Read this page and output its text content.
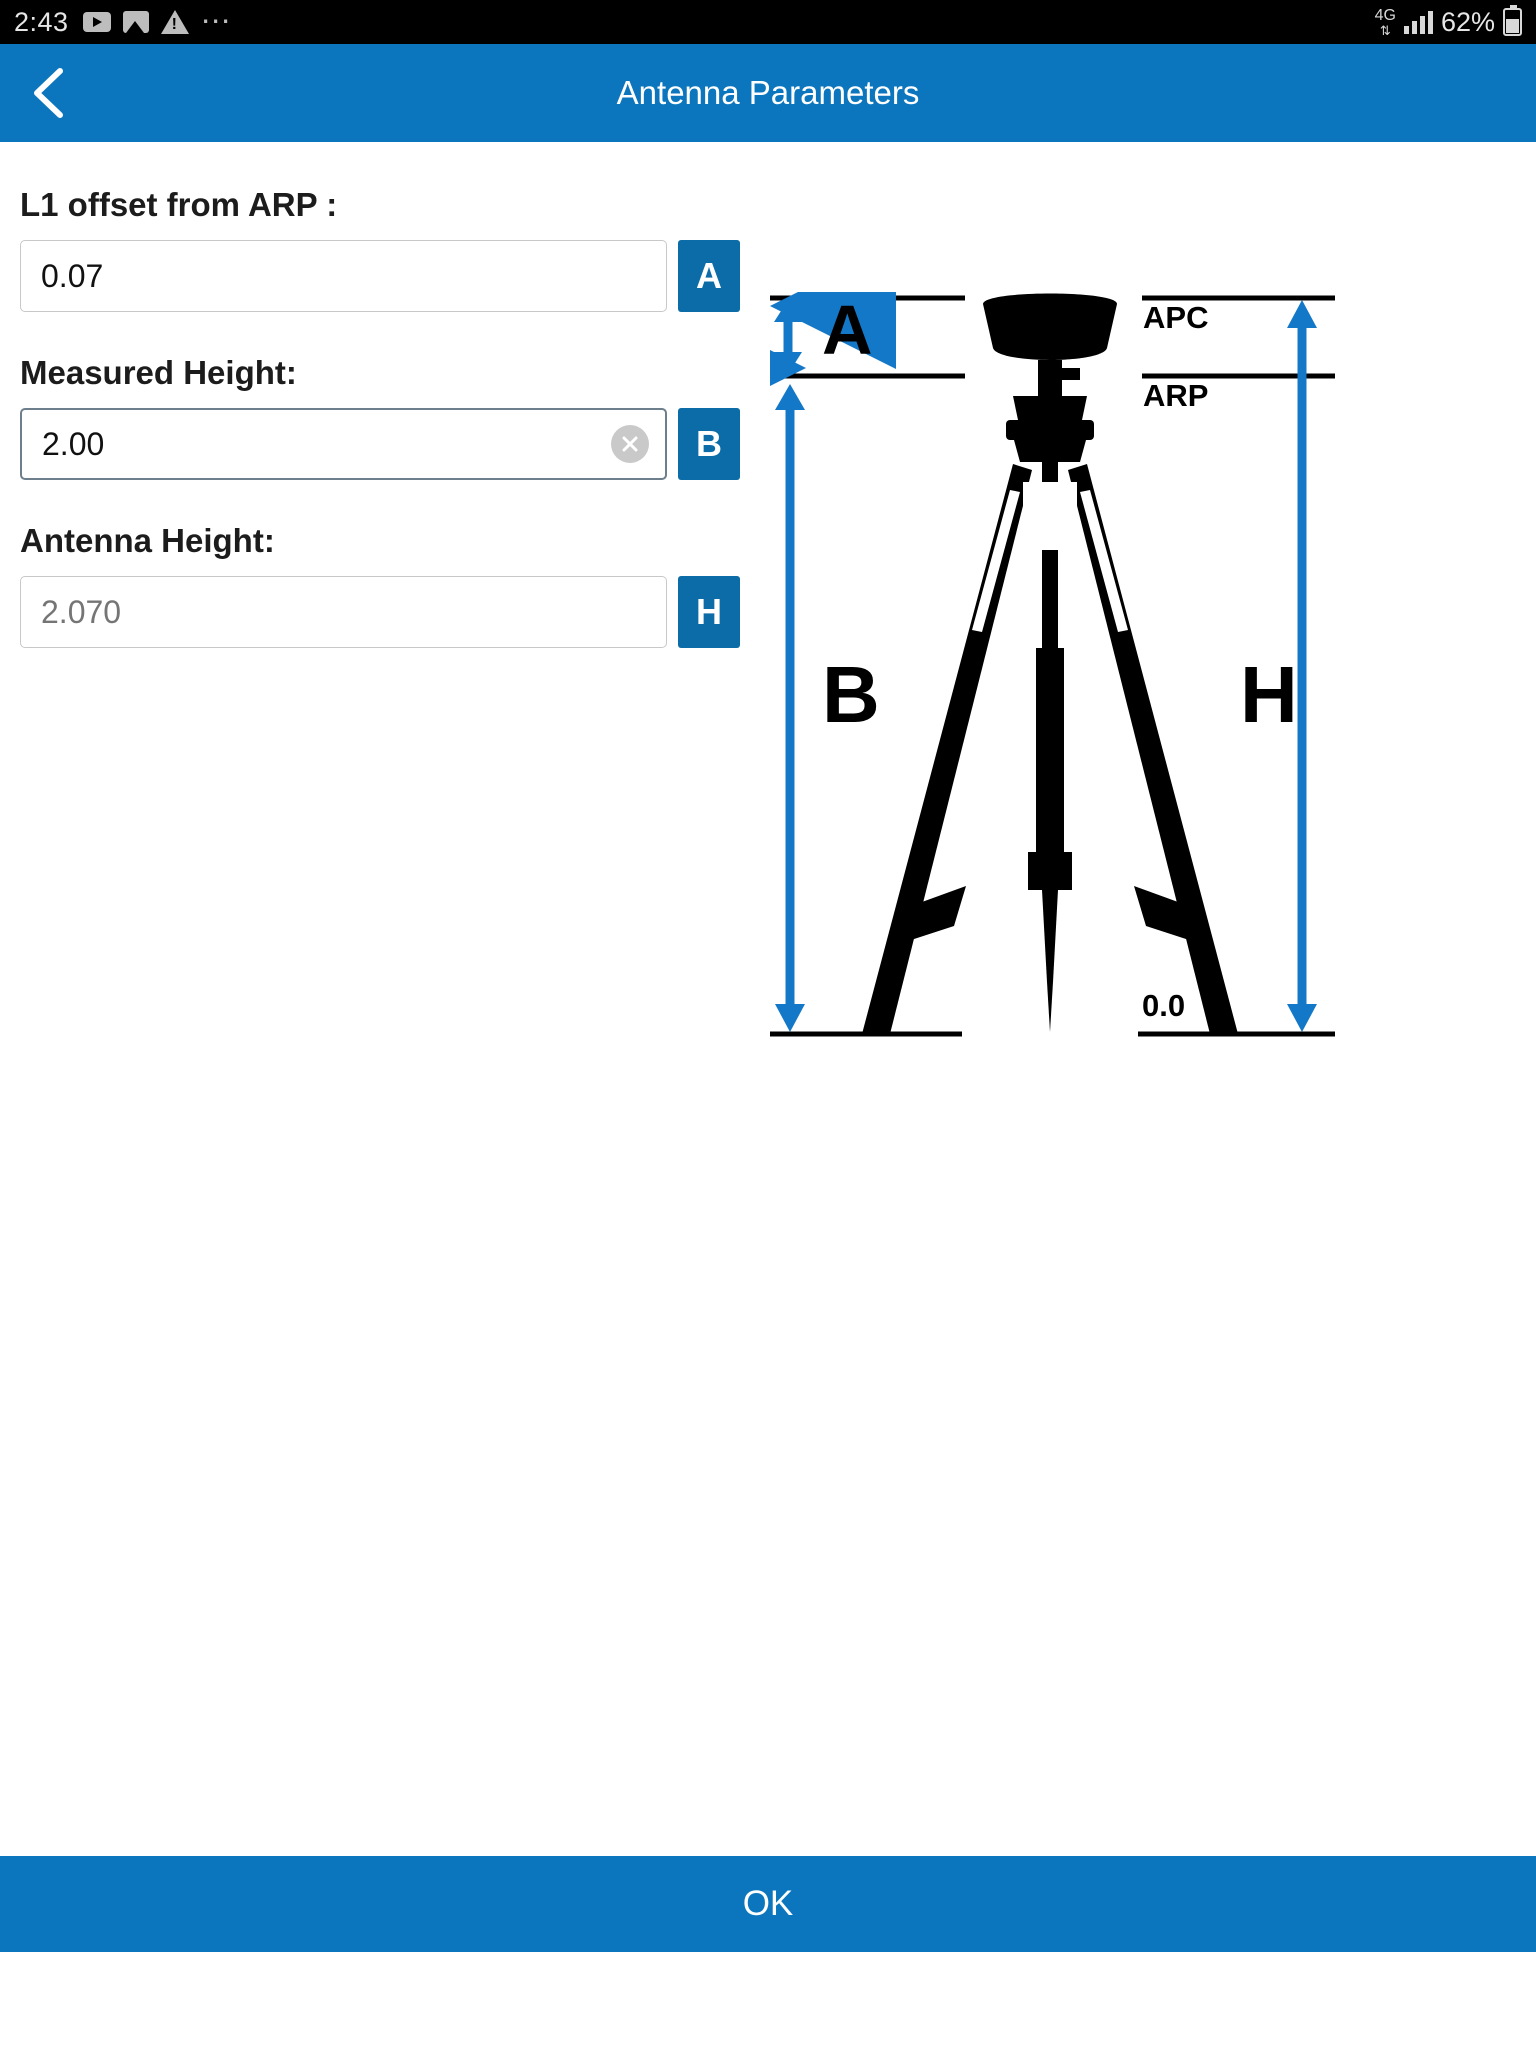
2:43 !	⋯	4G
⇅ 62%
Antenna Parameters
L1 offset from ARP :
0.07
A
Measured Height:
2.00
B
Antenna Height:
2.070
H
APC
ARP
A
B	H
0.0
OK
